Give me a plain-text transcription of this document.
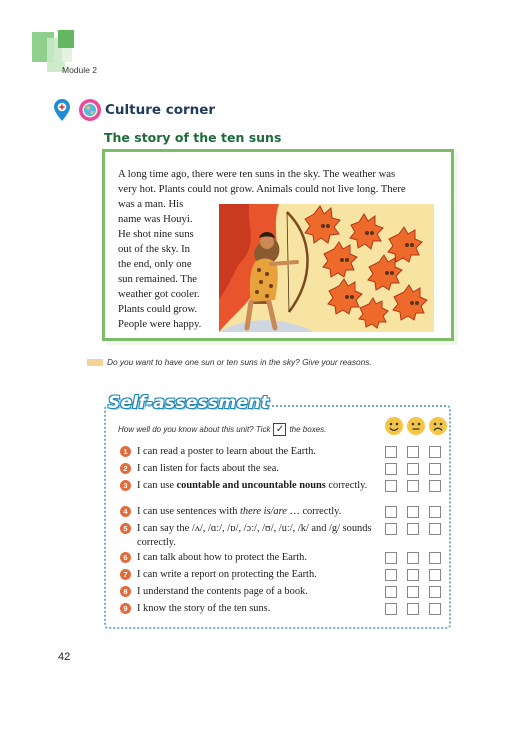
Module 2
Culture corner
The story of the ten suns
A long time ago, there were ten suns in the sky. The weather was
very hot. Plants could not grow. Animals could not live long. There
was a man. His
name was Houyi.
He shot nine suns
out of the sky. In
the end, only one
sun remained. The
weather got cooler.
Plants could grow.
People were happy.
Do you want to have one sun or ten suns in the sky? Give your reasons.
How well do you know about this unit? Tick ✓ the boxes.
1 I can read a poster to learn about the Earth.
2 I can listen for facts about the sea.
3 I can use countable and uncountable nouns correctly.
4 I can use sentences with there is/are … correctly.
5 I can say the /ʌ/, /ɑː/, /ɒ/, /ɔː/, /ʊ/, /uː/, /k/ and /g/ sounds correctly.
6 I can talk about how to protect the Earth.
7 I can write a report on protecting the Earth.
8 I understand the contents page of a book.
9 I know the story of the ten suns.
Self-assessment
42
